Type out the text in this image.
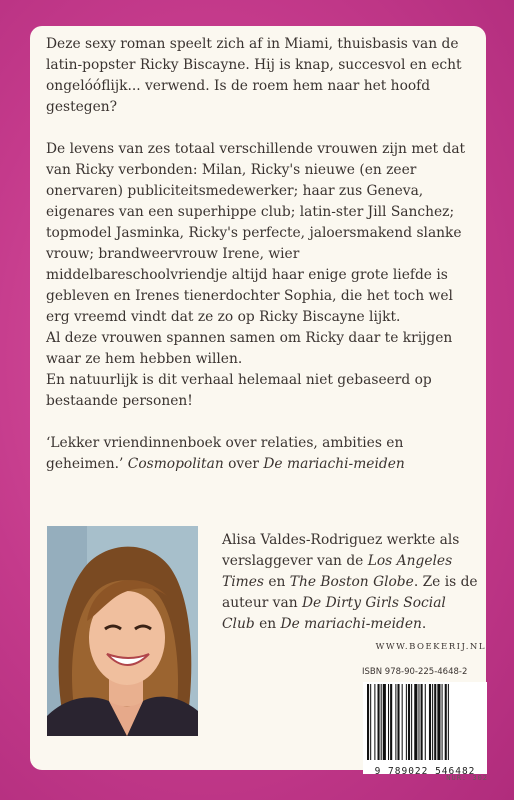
Deze sexy roman speelt zich af in Miami, thuisbasis van de latin-popster Ricky Biscayne. Hij is knap, succesvol en echt ongelóóflijk... verwend. Is de roem hem naar het hoofd gestegen?

De levens van zes totaal verschillende vrouwen zijn met dat van Ricky verbonden: Milan, Ricky's nieuwe (en zeer onervaren) publiciteitsmedewerker; haar zus Geneva, eigenares van een superhippe club; latin-ster Jill Sanchez; topmodel Jasminka, Ricky's perfecte, jaloersmakend slanke vrouw; brandweervrouw Irene, wier middelbareschoolvriendje altijd haar enige grote liefde is gebleven en Irenes tienerdochter Sophia, die het toch wel erg vreemd vindt dat ze zo op Ricky Biscayne lijkt.

Al deze vrouwen spannen samen om Ricky daar te krijgen waar ze hem hebben willen.

En natuurlijk is dit verhaal helemaal niet gebaseerd op bestaande personen!

‘Lekker vriendinnenboek over relaties, ambities en geheimen.’ Cosmopolitan over De mariachi-meiden

Alisa Valdes-Rodriguez werkte als verslaggever van de Los Angeles Times en The Boston Globe. Ze is de auteur van De Dirty Girls Social Club en De mariachi-meiden.

WWW.BOEKERIJ.NL
ISBN 978-90-225-4648-2
9 789022 546482
NUR: 302
